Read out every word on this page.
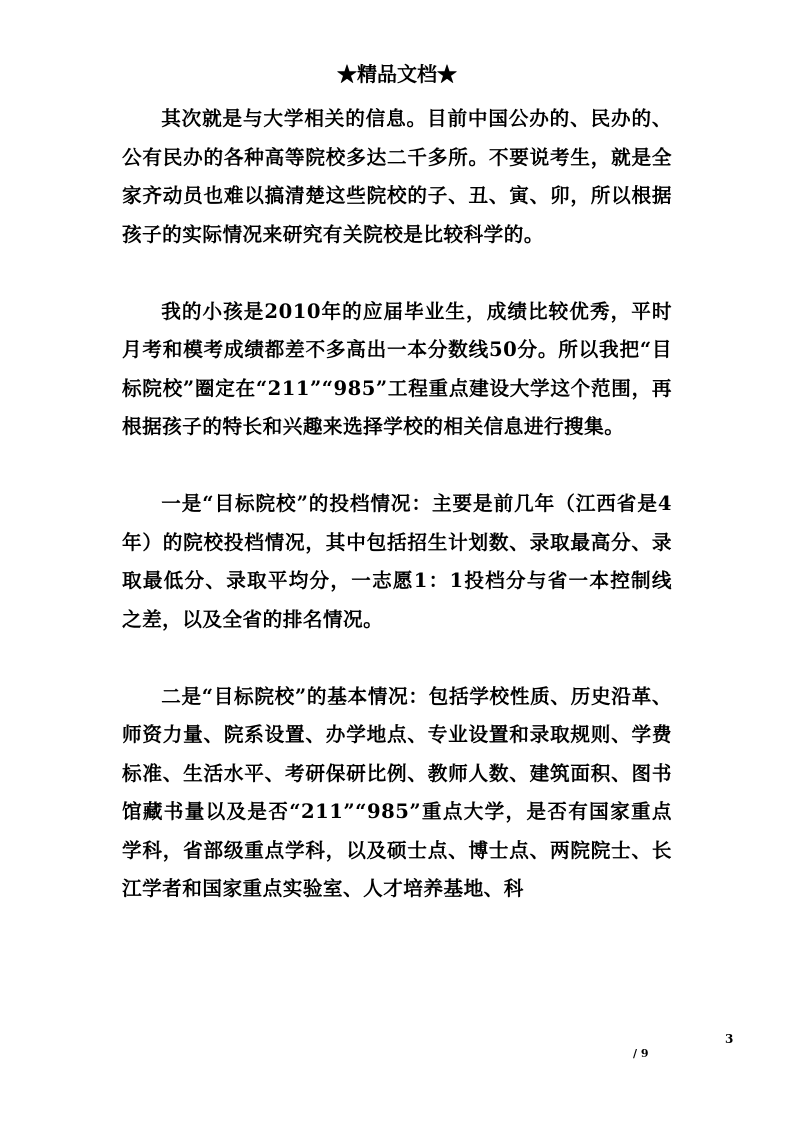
★精品文档★

其次就是与大学相关的信息。目前中国公办的、民办的、公有民办的各种高等院校多达二千多所。不要说考生，就是全家齐动员也难以搞清楚这些院校的子、丑、寅、卯，所以根据孩子的实际情况来研究有关院校是比较科学的。

我的小孩是2010年的应届毕业生，成绩比较优秀，平时月考和模考成绩都差不多高出一本分数线50分。所以我把“目标院校”圈定在“211”“985”工程重点建设大学这个范围，再根据孩子的特长和兴趣来选择学校的相关信息进行搜集。

一是“目标院校”的投档情况：主要是前几年（江西省是4年）的院校投档情况，其中包括招生计划数、录取最高分、录取最低分、录取平均分，一志愿1：1投档分与省一本控制线之差，以及全省的排名情况。

二是“目标院校”的基本情况：包括学校性质、历史沿革、师资力量、院系设置、办学地点、专业设置和录取规则、学费标准、生活水平、考研保研比例、教师人数、建筑面积、图书馆藏书量以及是否“211”“985”重点大学，是否有国家重点学科，省部级重点学科，以及硕士点、博士点、两院院士、长江学者和国家重点实验室、人才培养基地、科

3
/ 9
